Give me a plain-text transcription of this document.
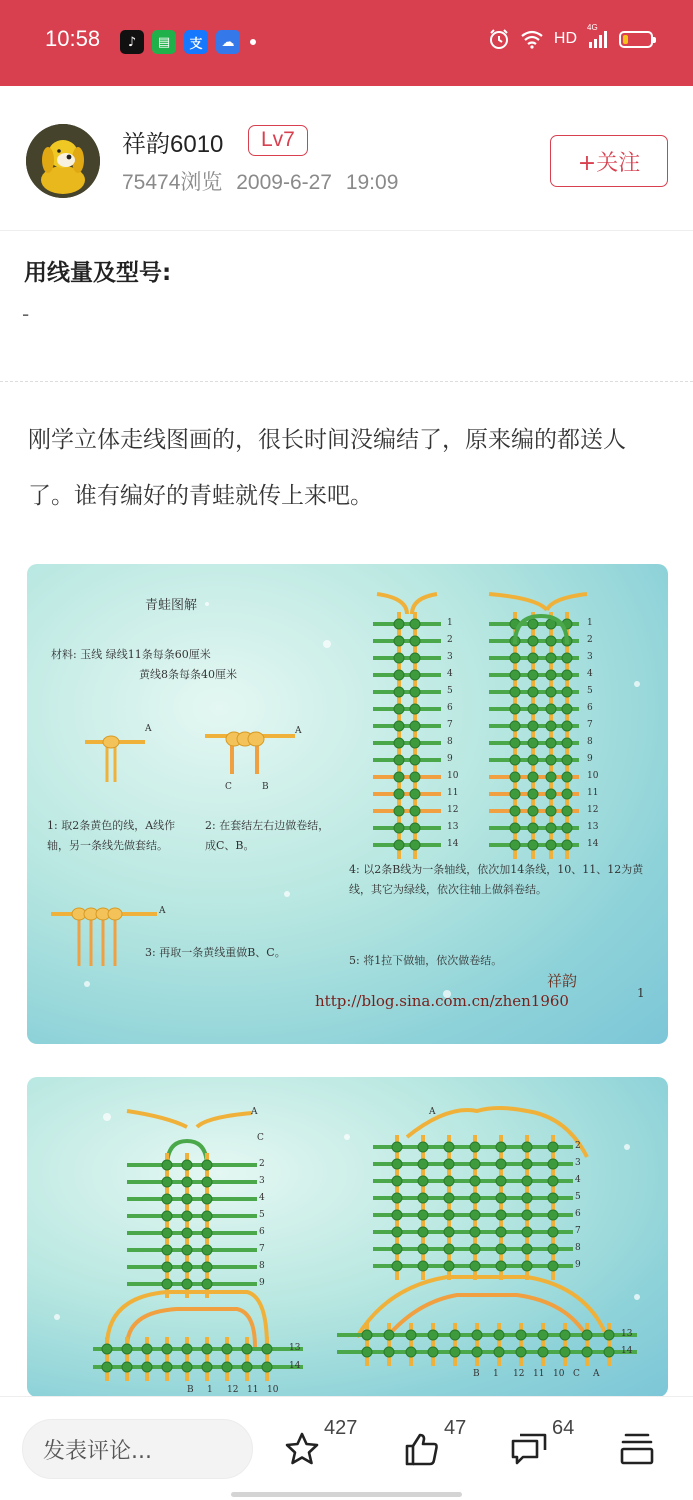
10:58	♪	▤	支	☁	HD
4G
祥韵6010	Lv7
75474浏览 2009-6-27 19:09
+关注
用线量及型号:
-
刚学立体走线图画的，很长时间没编结了，原来编的都送人了。谁有编好的青蛙就传上来吧。
青蛙图解
材料: 玉线 绿线11条每条60厘米
黄线8条每条40厘米
A	A
C	B
1: 取2条黄色的线，A线作轴，另一条线先做套结。
2: 在套结左右边做卷结，成C、B。
3: 再取一条黄线重做B、C。
A
4: 以2条B线为一条轴线，依次加14条线，10、11、12为黄线，其它为绿线，依次往轴上做斜卷结。
5: 将1拉下做轴，依次做卷结。
祥韵
http://blog.sina.com.cn/zhen1960	1
1
2
3
4
5
6
7
8
9
10
11
12
13
14
1
2
3
4
5
6
7
8
9
10
11
12
13
14
A
C
A
2
2
3
3
4
4
5
5
6
6
7
7
8
8
9
9
13
13
14
14
B 1 12 11 10
B 1 12 11 10 C A
发表评论...
427	47	64
